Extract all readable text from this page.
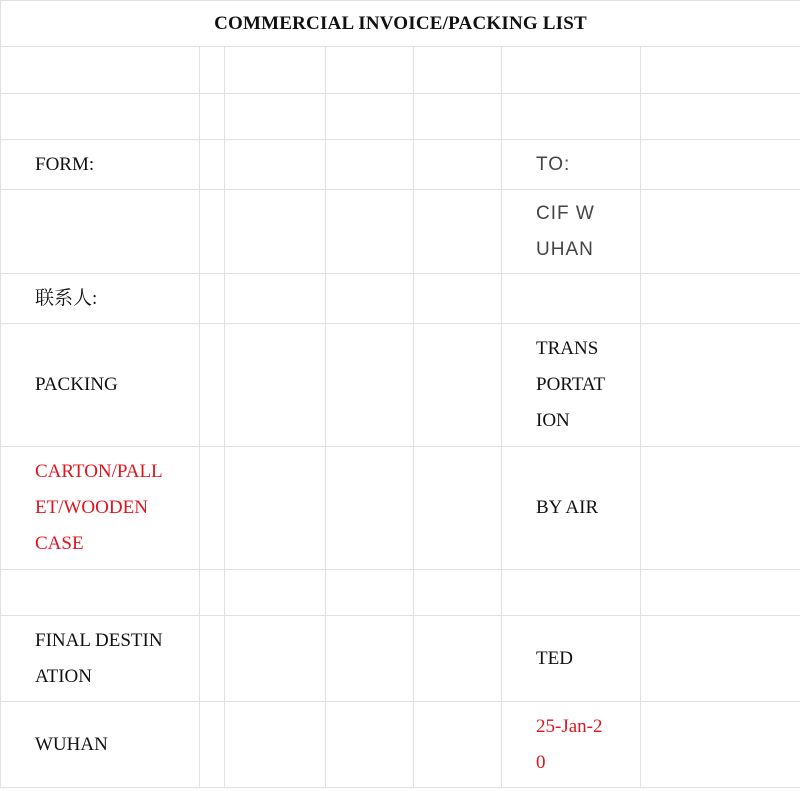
COMMERCIAL INVOICE/PACKING LIST						

FORM:					TO:	

					CIF WUHAN	

联系人:						
PACKING					TRANSPORTATION	

CARTON/PALLET/WOODEN CASE					BY AIR	

FINAL DESTINATION					TED	
WUHAN					25-Jan-20	
